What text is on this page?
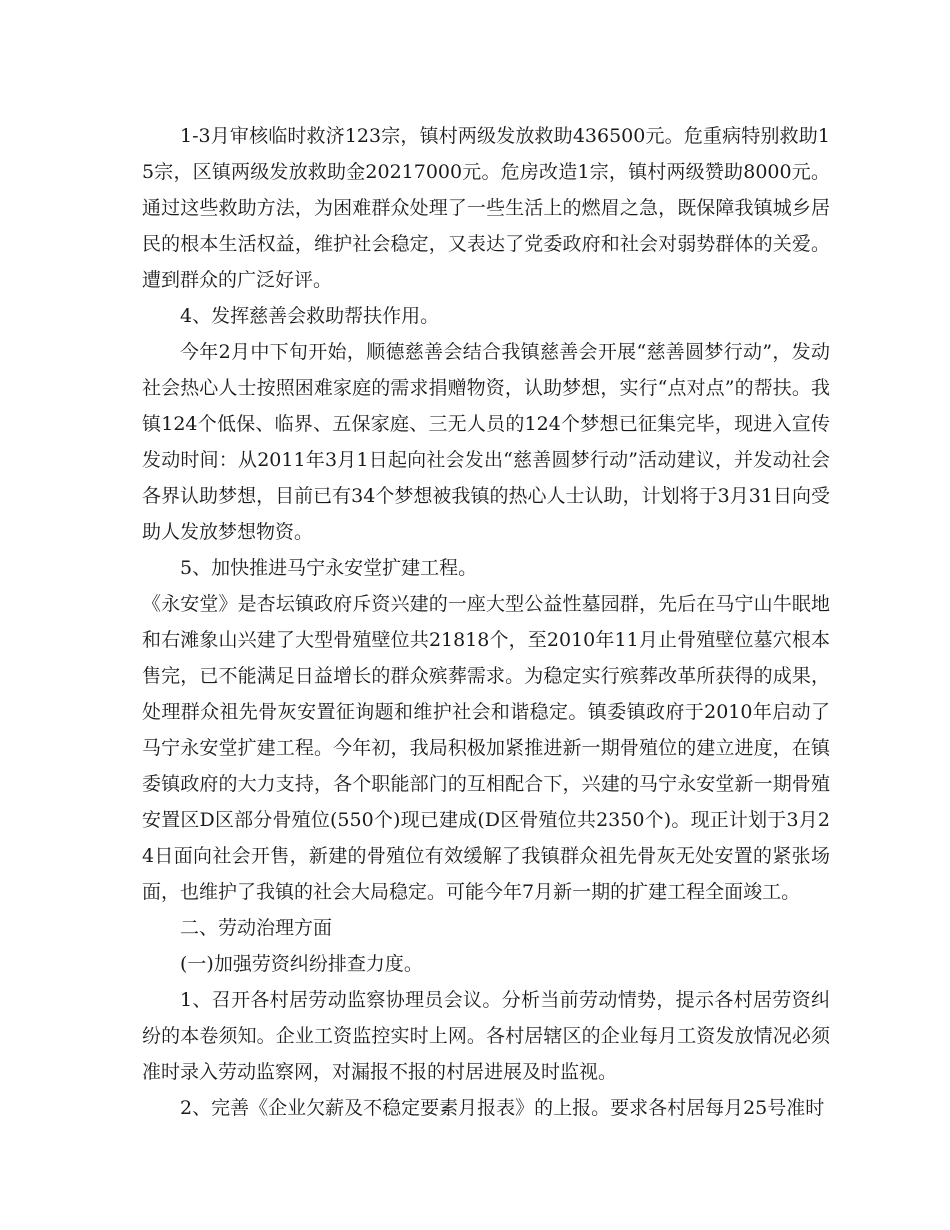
1-3月审核临时救济123宗，镇村两级发放救助436500元。危重病特别救助15宗，区镇两级发放救助金20217000元。危房改造1宗，镇村两级赞助8000元。通过这些救助方法，为困难群众处理了一些生活上的燃眉之急，既保障我镇城乡居民的根本生活权益，维护社会稳定，又表达了党委政府和社会对弱势群体的关爱。遭到群众的广泛好评。

4、发挥慈善会救助帮扶作用。

今年2月中下旬开始，顺德慈善会结合我镇慈善会开展“慈善圆梦行动”，发动社会热心人士按照困难家庭的需求捐赠物资，认助梦想，实行“点对点”的帮扶。我镇124个低保、临界、五保家庭、三无人员的124个梦想已征集完毕，现进入宣传发动时间：从2011年3月1日起向社会发出“慈善圆梦行动”活动建议，并发动社会各界认助梦想，目前已有34个梦想被我镇的热心人士认助，计划将于3月31日向受助人发放梦想物资。

5、加快推进马宁永安堂扩建工程。

《永安堂》是杏坛镇政府斥资兴建的一座大型公益性墓园群，先后在马宁山牛眠地和右滩象山兴建了大型骨殖壁位共21818个，至2010年11月止骨殖壁位墓穴根本售完，已不能满足日益增长的群众殡葬需求。为稳定实行殡葬改革所获得的成果，处理群众祖先骨灰安置征询题和维护社会和谐稳定。镇委镇政府于2010年启动了马宁永安堂扩建工程。今年初，我局积极加紧推进新一期骨殖位的建立进度，在镇委镇政府的大力支持，各个职能部门的互相配合下，兴建的马宁永安堂新一期骨殖安置区D区部分骨殖位(550个)现已建成(D区骨殖位共2350个)。现正计划于3月24日面向社会开售，新建的骨殖位有效缓解了我镇群众祖先骨灰无处安置的紧张场面，也维护了我镇的社会大局稳定。可能今年7月新一期的扩建工程全面竣工。

二、劳动治理方面

(一)加强劳资纠纷排查力度。

1、召开各村居劳动监察协理员会议。分析当前劳动情势，提示各村居劳资纠纷的本卷须知。企业工资监控实时上网。各村居辖区的企业每月工资发放情况必须准时录入劳动监察网，对漏报不报的村居进展及时监视。

2、完善《企业欠薪及不稳定要素月报表》的上报。要求各村居每月25号准时
